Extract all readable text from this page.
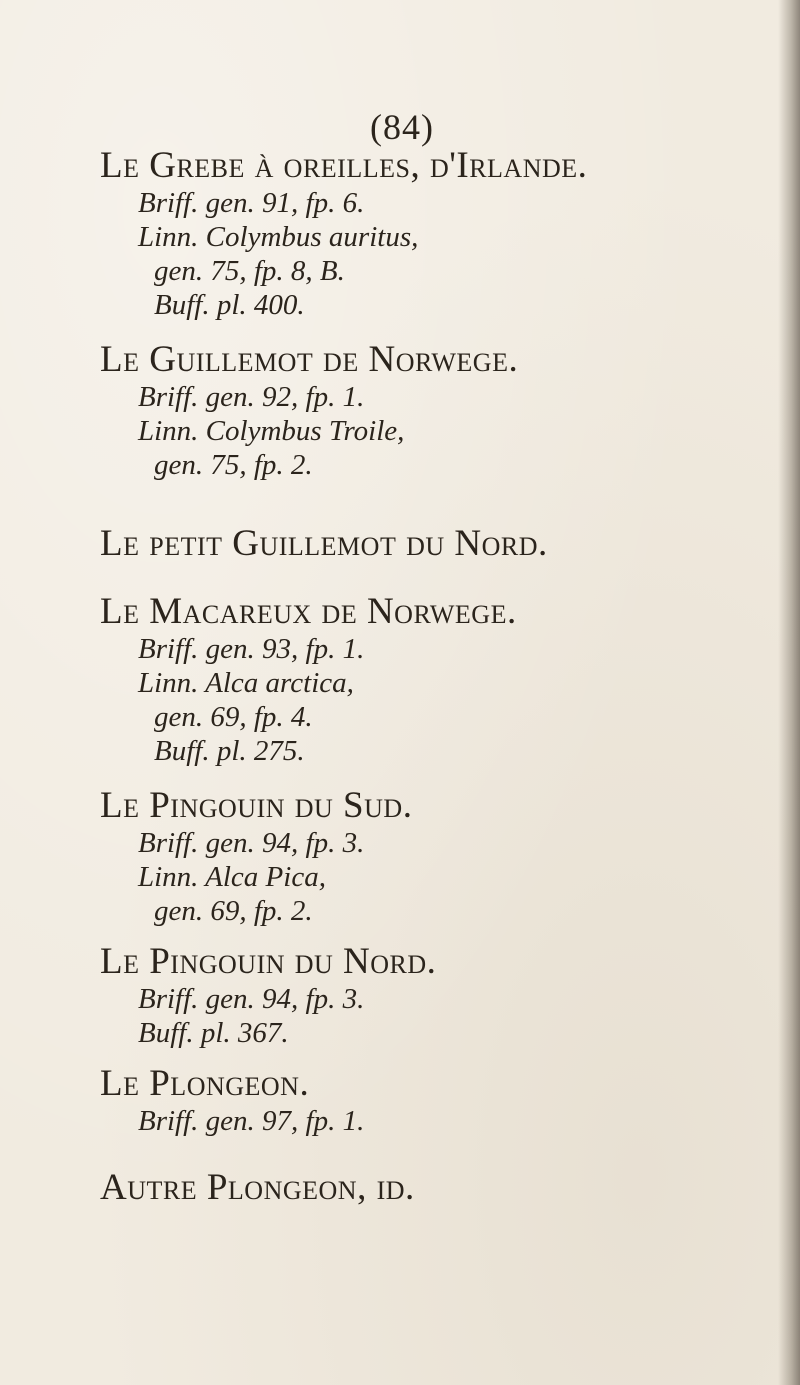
(84)
Le Grebe à oreilles, d'Irlande.
Briff. gen. 91, fp. 6.
Linn. Colymbus auritus,
gen. 75, fp. 8, B.
Buff. pl. 400.
Le Guillemot de Norwege.
Briff. gen. 92, fp. 1.
Linn. Colymbus Troile,
gen. 75, fp. 2.
Le petit Guillemot du Nord.
Le Macareux de Norwege.
Briff. gen. 93, fp. 1.
Linn. Alca arctica,
gen. 69, fp. 4.
Buff. pl. 275.
Le Pingouin du Sud.
Briff. gen. 94, fp. 3.
Linn. Alca Pica,
gen. 69, fp. 2.
Le Pingouin du Nord.
Briff. gen. 94, fp. 3.
Buff. pl. 367.
Le Plongeon.
Briff. gen. 97, fp. 1.
Autre Plongeon, id.
